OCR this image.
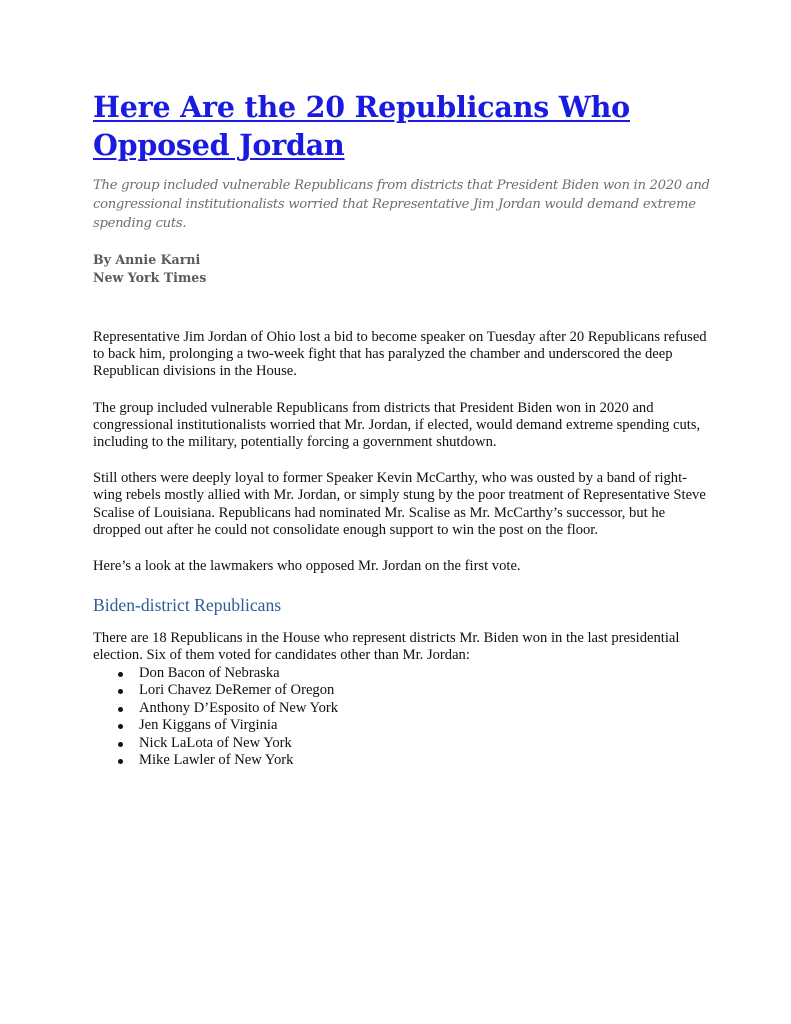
Here Are the 20 Republicans Who Opposed Jordan

The group included vulnerable Republicans from districts that President Biden won in 2020 and congressional institutionalists worried that Representative Jim Jordan would demand extreme spending cuts.

By Annie Karni
New York Times

Representative Jim Jordan of Ohio lost a bid to become speaker on Tuesday after 20 Republicans refused to back him, prolonging a two-week fight that has paralyzed the chamber and underscored the deep Republican divisions in the House.

The group included vulnerable Republicans from districts that President Biden won in 2020 and congressional institutionalists worried that Mr. Jordan, if elected, would demand extreme spending cuts, including to the military, potentially forcing a government shutdown.

Still others were deeply loyal to former Speaker Kevin McCarthy, who was ousted by a band of right-wing rebels mostly allied with Mr. Jordan, or simply stung by the poor treatment of Representative Steve Scalise of Louisiana. Republicans had nominated Mr. Scalise as Mr. McCarthy’s successor, but he dropped out after he could not consolidate enough support to win the post on the floor.

Here’s a look at the lawmakers who opposed Mr. Jordan on the first vote.

Biden-district Republicans

There are 18 Republicans in the House who represent districts Mr. Biden won in the last presidential election. Six of them voted for candidates other than Mr. Jordan:

Don Bacon of Nebraska
Lori Chavez DeRemer of Oregon
Anthony D’Esposito of New York
Jen Kiggans of Virginia
Nick LaLota of New York
Mike Lawler of New York
